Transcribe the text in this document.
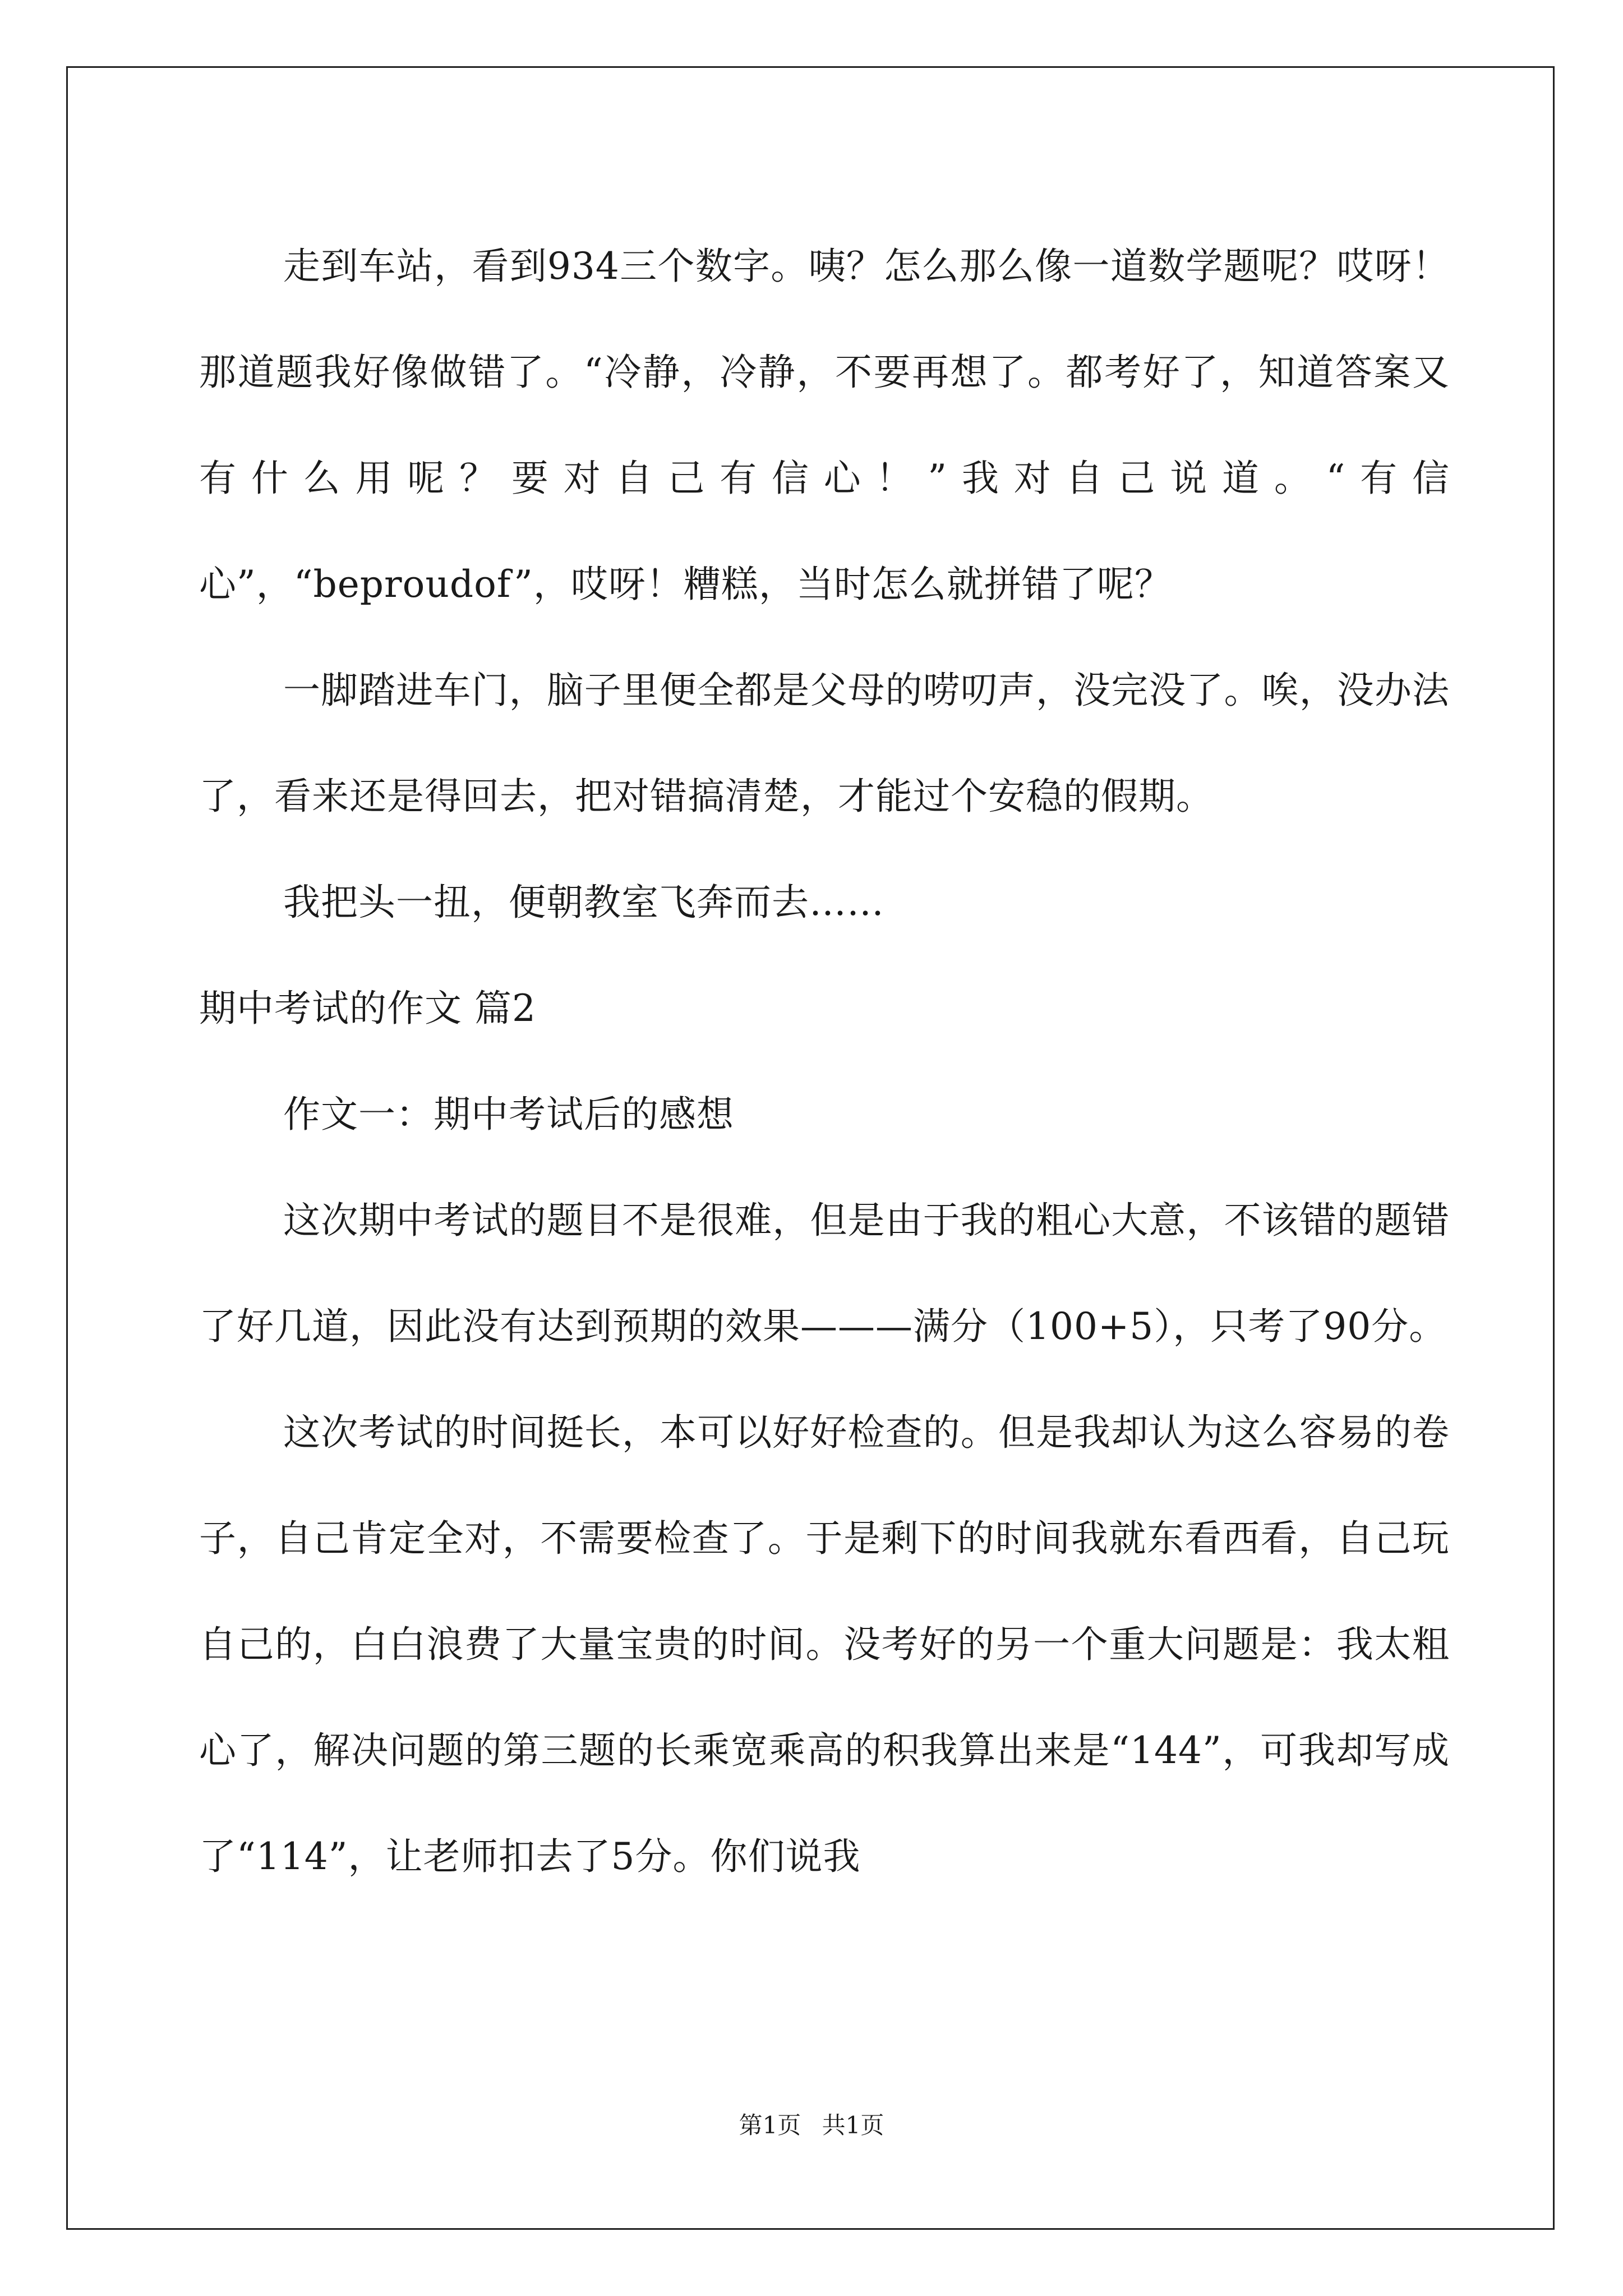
走到车站，看到934三个数字。咦？怎么那么像一道数学题呢？哎呀！那道题我好像做错了。“冷静，冷静，不要再想了。都考好了，知道答案又有什么用呢？要对自己有信心！”我对自己说道。“有信心”，“beproudof”，哎呀！糟糕，当时怎么就拼错了呢？

一脚踏进车门，脑子里便全都是父母的唠叨声，没完没了。唉，没办法了，看来还是得回去，把对错搞清楚，才能过个安稳的假期。

我把头一扭，便朝教室飞奔而去……

期中考试的作文 篇2

作文一：期中考试后的感想

这次期中考试的题目不是很难，但是由于我的粗心大意，不该错的题错了好几道，因此没有达到预期的效果———满分（100+5），只考了90分。

这次考试的时间挺长，本可以好好检查的。但是我却认为这么容易的卷子，自己肯定全对，不需要检查了。于是剩下的时间我就东看西看，自己玩自己的，白白浪费了大量宝贵的时间。没考好的另一个重大问题是：我太粗心了，解决问题的第三题的长乘宽乘高的积我算出来是“144”，可我却写成了“114”，让老师扣去了5分。你们说我

第1页 共1页
